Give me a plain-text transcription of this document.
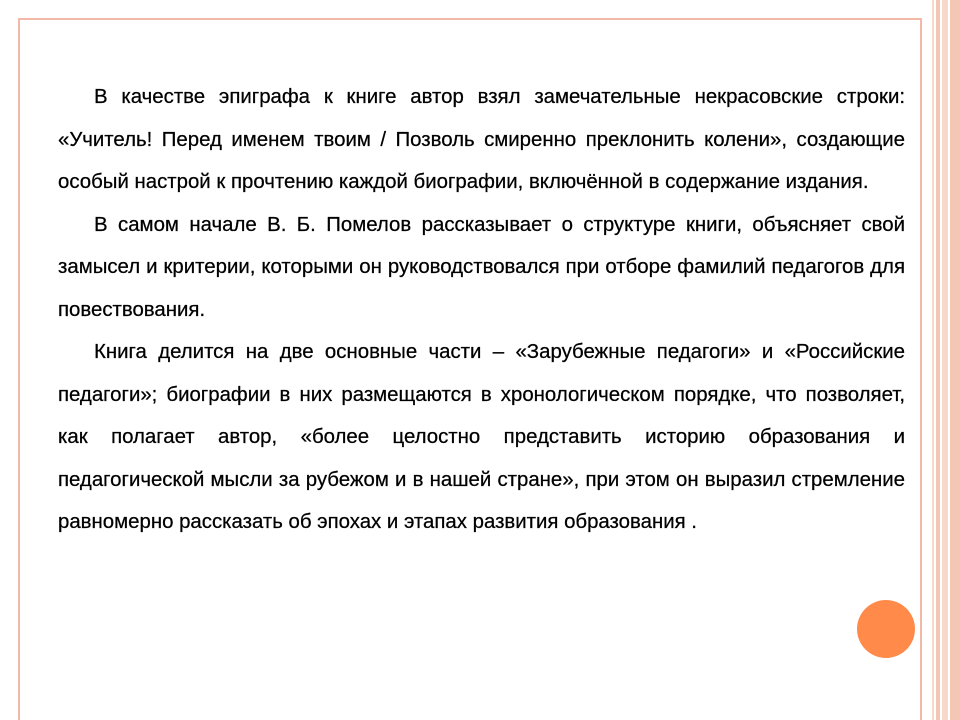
В качестве эпиграфа к книге автор взял замечательные некрасовские строки: «Учитель! Перед именем твоим / Позволь смиренно преклонить колени», создающие особый настрой к прочтению каждой биографии, включённой в содержание издания.

В самом начале В. Б. Помелов рассказывает о структуре книги, объясняет свой замысел и критерии, которыми он руководствовался при отборе фамилий педагогов для повествования.

Книга делится на две основные части – «Зарубежные педагоги» и «Российские педагоги»; биографии в них размещаются в хронологическом порядке, что позволяет, как полагает автор, «более целостно представить историю образования и педагогической мысли за рубежом и в нашей стране», при этом он выразил стремление равномерно рассказать об эпохах и этапах развития образования .
